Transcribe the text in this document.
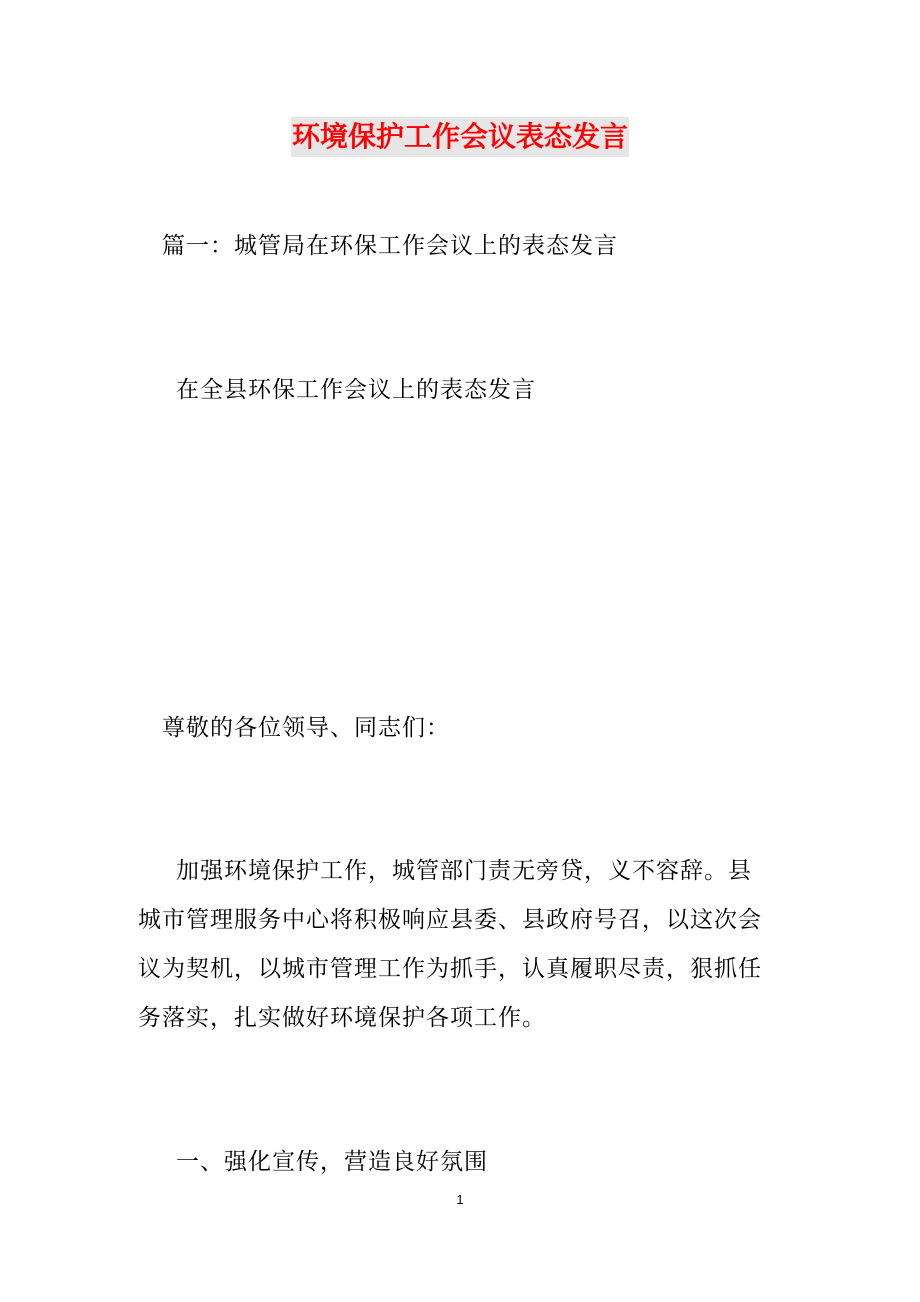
环境保护工作会议表态发言

篇一：城管局在环保工作会议上的表态发言

在全县环保工作会议上的表态发言

尊敬的各位领导、同志们：

加强环境保护工作，城管部门责无旁贷，义不容辞。县
城市管理服务中心将积极响应县委、县政府号召，以这次会
议为契机，以城市管理工作为抓手，认真履职尽责，狠抓任
务落实，扎实做好环境保护各项工作。

一、强化宣传，营造良好氛围

1
